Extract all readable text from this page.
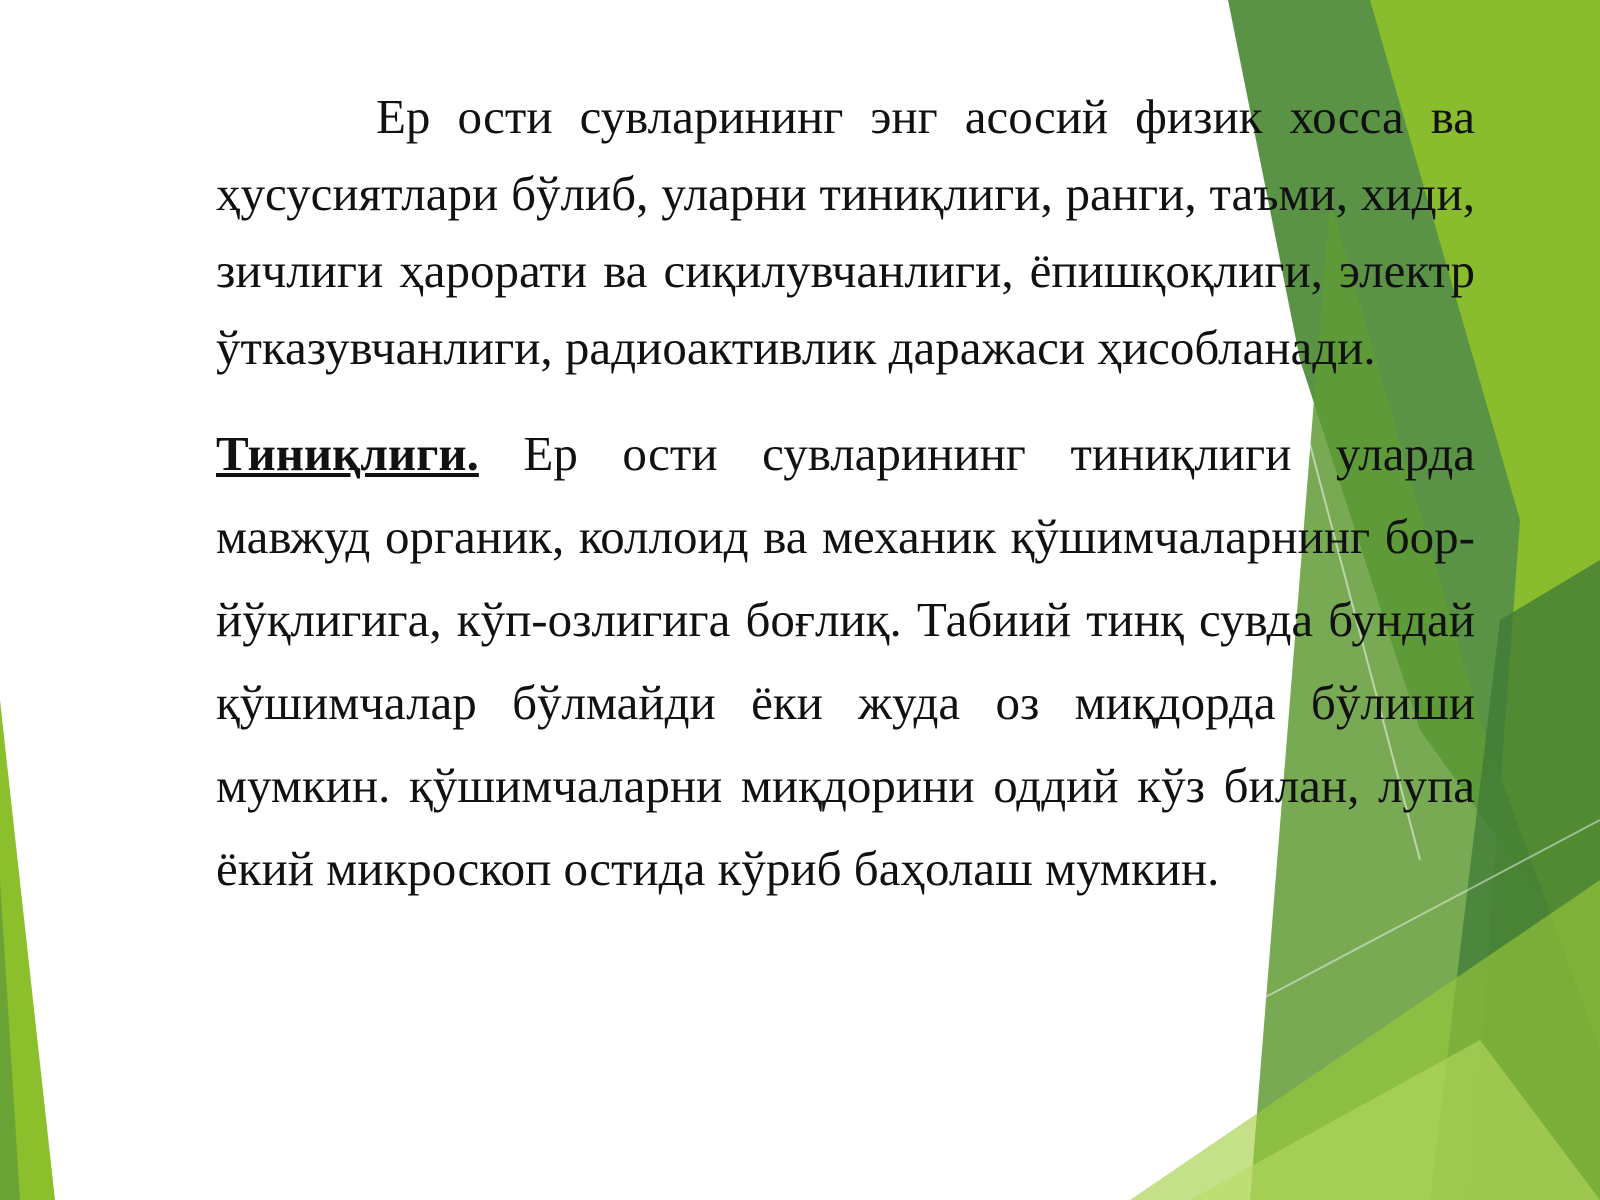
Ер ости сувларининг энг асосий физик хосса ва ҳусусиятлари бўлиб, уларни тиниқлиги, ранги, таъми, хиди, зичлиги ҳарорати ва сиқилувчанлиги, ёпишқоқлиги, электр ўтказувчанлиги, радиоактивлик даражаси ҳисобланади.

Тиниқлиги. Ер ости сувларининг тиниқлиги уларда мавжуд органик, коллоид ва механик қўшимчаларнинг бор-йўқлигига, кўп-озлигига боғлиқ. Табиий тинқ сувда бундай қўшимчалар бўлмайди ёки жуда оз миқдорда бўлиши мумкин. қўшимчаларни миқдорини оддий кўз билан, лупа ёкий микроскоп остида кўриб баҳолаш мумкин.
